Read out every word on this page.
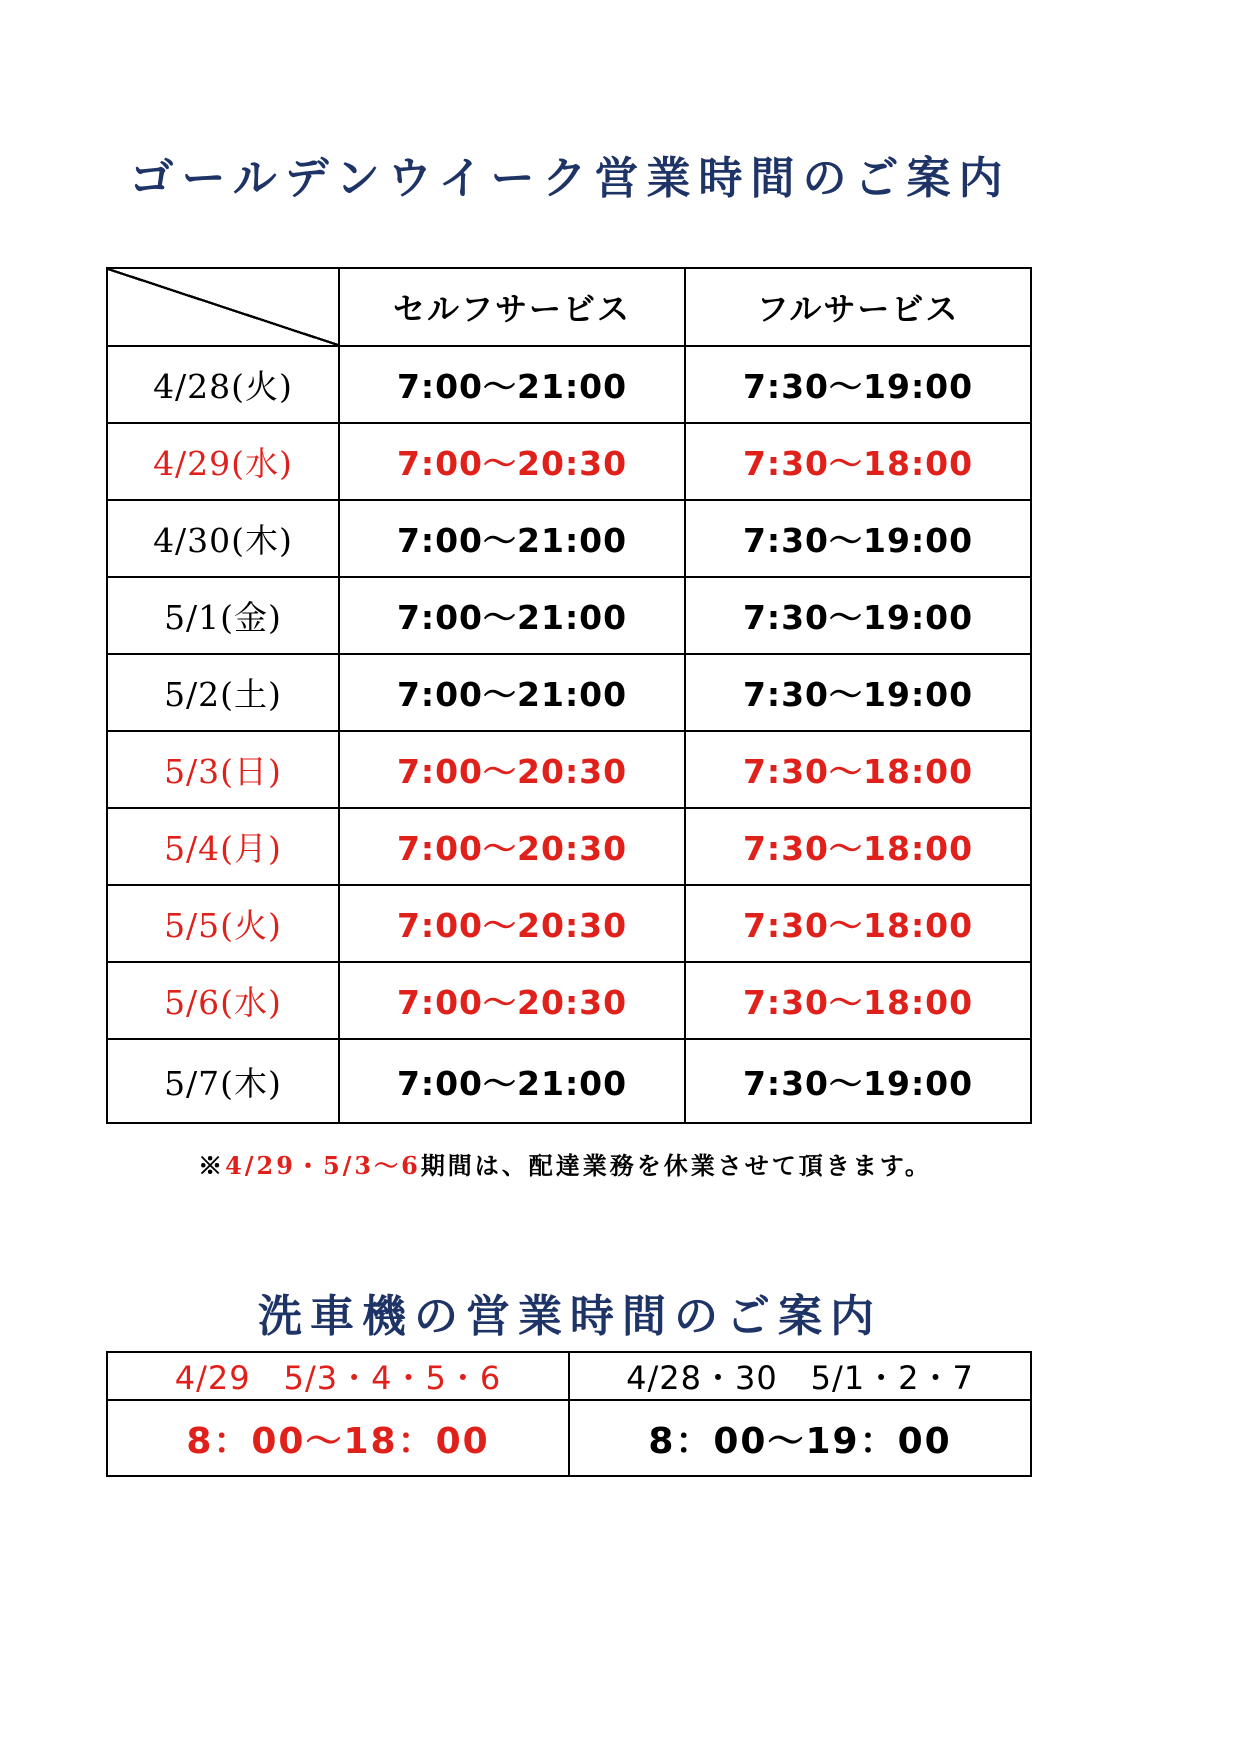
ゴールデンウイーク営業時間のご案内
	セルフサービス	フルサービス
4/28(火)	7:00〜21:00	7:30〜19:00
4/29(水)	7:00〜20:30	7:30〜18:00
4/30(木)	7:00〜21:00	7:30〜19:00
5/1(金)	7:00〜21:00	7:30〜19:00
5/2(土)	7:00〜21:00	7:30〜19:00
5/3(日)	7:00〜20:30	7:30〜18:00
5/4(月)	7:00〜20:30	7:30〜18:00
5/5(火)	7:00〜20:30	7:30〜18:00
5/6(水)	7:00〜20:30	7:30〜18:00
5/7(木)	7:00〜21:00	7:30〜19:00
※4/29・5/3〜6期間は、配達業務を休業させて頂きます。
洗車機の営業時間のご案内
4/29　5/3・4・5・6	4/28・30　5/1・2・7
8：00〜18：00	8：00〜19：00
